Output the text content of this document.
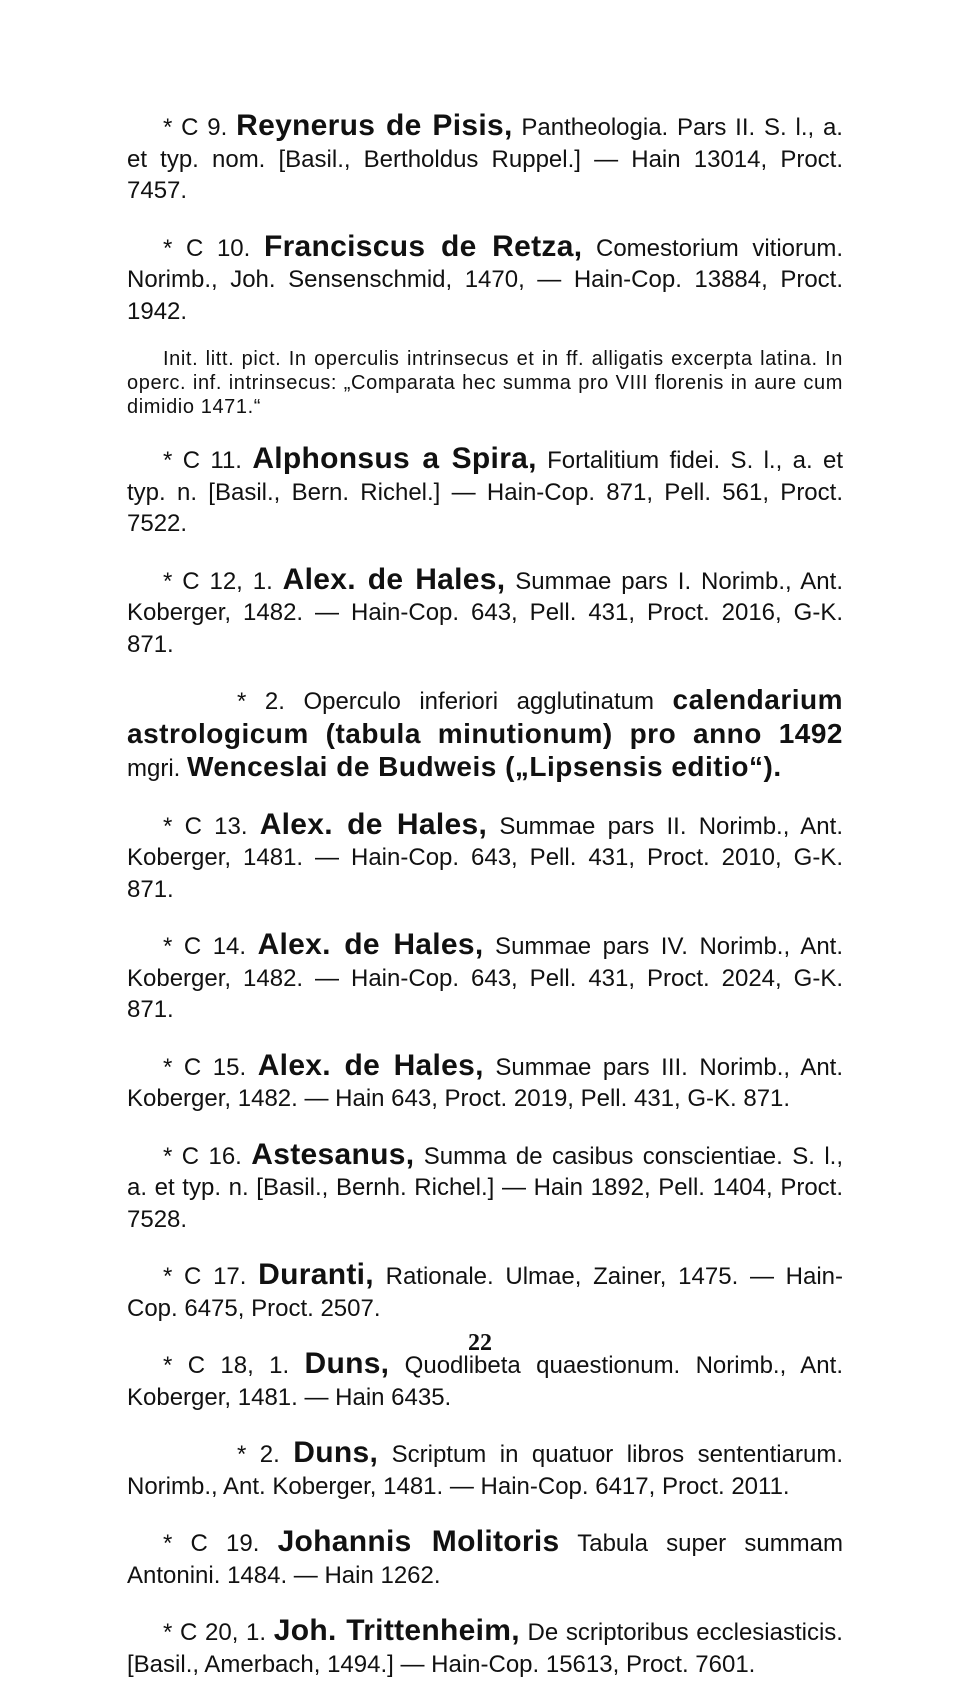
* C 9. Reynerus de Pisis, Pantheologia. Pars II. S. l., a. et typ. nom. [Basil., Bertholdus Ruppel.] — Hain 13014, Proct. 7457.

* C 10. Franciscus de Retza, Comestorium vitiorum. Norimb., Joh. Sensenschmid, 1470, — Hain-Cop. 13884, Proct. 1942.

Init. litt. pict. In operculis intrinsecus et in ff. alligatis excerpta latina. In operc. inf. intrinsecus: „Comparata hec summa pro VIII florenis in aure cum dimidio 1471.“

* C 11. Alphonsus a Spira, Fortalitium fidei. S. l., a. et typ. n. [Basil., Bern. Richel.] — Hain-Cop. 871, Pell. 561, Proct. 7522.

* C 12, 1. Alex. de Hales, Summae pars I. Norimb., Ant. Koberger, 1482. — Hain-Cop. 643, Pell. 431, Proct. 2016, G-K. 871.

* 2. Operculo inferiori agglutinatum calendarium astrologicum (tabula minutionum) pro anno 1492 mgri. Wenceslai de Budweis („Lipsensis editio“).

* C 13. Alex. de Hales, Summae pars II. Norimb., Ant. Koberger, 1481. — Hain-Cop. 643, Pell. 431, Proct. 2010, G-K. 871.

* C 14. Alex. de Hales, Summae pars IV. Norimb., Ant. Koberger, 1482. — Hain-Cop. 643, Pell. 431, Proct. 2024, G-K. 871.

* C 15. Alex. de Hales, Summae pars III. Norimb., Ant. Koberger, 1482. — Hain 643, Proct. 2019, Pell. 431, G-K. 871.

* C 16. Astesanus, Summa de casibus conscientiae. S. l., a. et typ. n. [Basil., Bernh. Richel.] — Hain 1892, Pell. 1404, Proct. 7528.

* C 17. Duranti, Rationale. Ulmae, Zainer, 1475. — Hain-Cop. 6475, Proct. 2507.

* C 18, 1. Duns, Quodlibeta quaestionum. Norimb., Ant. Koberger, 1481. — Hain 6435.

* 2. Duns, Scriptum in quatuor libros sententiarum. Norimb., Ant. Koberger, 1481. — Hain-Cop. 6417, Proct. 2011.

* C 19. Johannis Molitoris Tabula super summam Antonini. 1484. — Hain 1262.

* C 20, 1. Joh. Trittenheim, De scriptoribus ecclesiasticis. [Basil., Amerbach, 1494.] — Hain-Cop. 15613, Proct. 7601.

22
